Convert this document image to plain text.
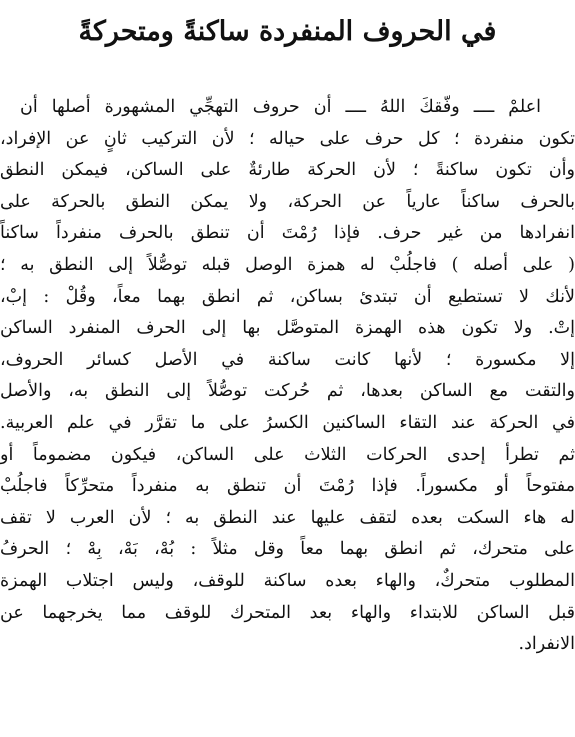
في الحروف المنفردة ساكنةً ومتحركةً
اعلمْ ــــ وفّقكَ اللهُ ــــ أن حروف التهجِّي المشهورة أصلها أن
تكون منفردة ؛ كل حرف على حياله ؛ لأن التركيب ثانٍ عن الإفراد،
وأن تكون ساكنةً ؛ لأن الحركة طارئةٌ على الساكن، فيمكن النطق
بالحرف ساكناً عارياً عن الحركة، ولا يمكن النطق بالحركة على
انفرادها من غير حرف. فإذا رُمْتَ أن تنطق بالحرف منفرداً ساكناً
( على أصله ) فاجلُبْ له همزة الوصل قبله توصُّلاً إلى النطق به ؛
لأنك لا تستطيع أن تبتدئ بساكن، ثم انطق بهما معاً، وقُلْ : إبْ،
إتْ. ولا تكون هذه الهمزة المتوصَّل بها إلى الحرف المنفرد الساكن
إلا مكسورة ؛ لأنها كانت ساكنة في الأصل كسائر الحروف،
والتقت مع الساكن بعدها، ثم حُركت توصُّلاً إلى النطق به، والأصل
في الحركة عند التقاء الساكنين الكسرُ على ما تقرَّر في علم العربية.
ثم تطرأ إحدى الحركات الثلاث على الساكن، فيكون مضموماً أو
مفتوحاً أو مكسوراً. فإذا رُمْتَ أن تنطق به منفرداً متحرِّكاً فاجلُبْ
له هاء السكت بعده لتقف عليها عند النطق به ؛ لأن العرب لا تقف
على متحرك، ثم انطق بهما معاً وقل مثلاً : بُهْ، بَهْ، بِهْ ؛ الحرفُ
المطلوب متحركٌ، والهاء بعده ساكنة للوقف، وليس اجتلاب الهمزة
قبل الساكن للابتداء والهاء بعد المتحرك للوقف مما يخرجهما عن
الانفراد.
